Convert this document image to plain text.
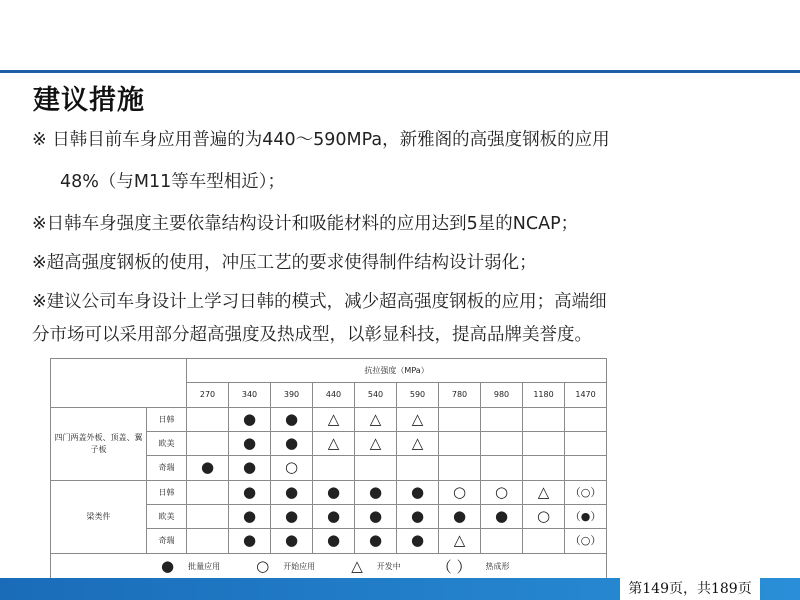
建议措施
※ 日韩目前车身应用普遍的为440～590MPa，新雅阁的高强度钢板的应用
48%（与M11等车型相近）；
※日韩车身强度主要依靠结构设计和吸能材料的应用达到5星的NCAP；
※超高强度钢板的使用，冲压工艺的要求使得制件结构设计弱化；
※建议公司车身设计上学习日韩的模式，减少超高强度钢板的应用；高端细
分市场可以采用部分超高强度及热成型，以彰显科技，提高品牌美誉度。
		抗拉强度（MPa）									
		270	340	390	440	540	590	780	980	1180	1470
四门两盖外板、顶盖、翼子板	日韩		●	●	△	△	△				
	欧美		●	●	△	△	△				
	奇瑞	●	●	○							
梁类件	日韩		●	●	●	●	●	○	○	△	（○）
	欧美		●	●	●	●	●	●	●	○	（●）
	奇瑞		●	●	●	●	●	△			（○）
● 批量应用 ○ 开始应用 △ 开发中 （ ） 热成形											
第149页，共189页
